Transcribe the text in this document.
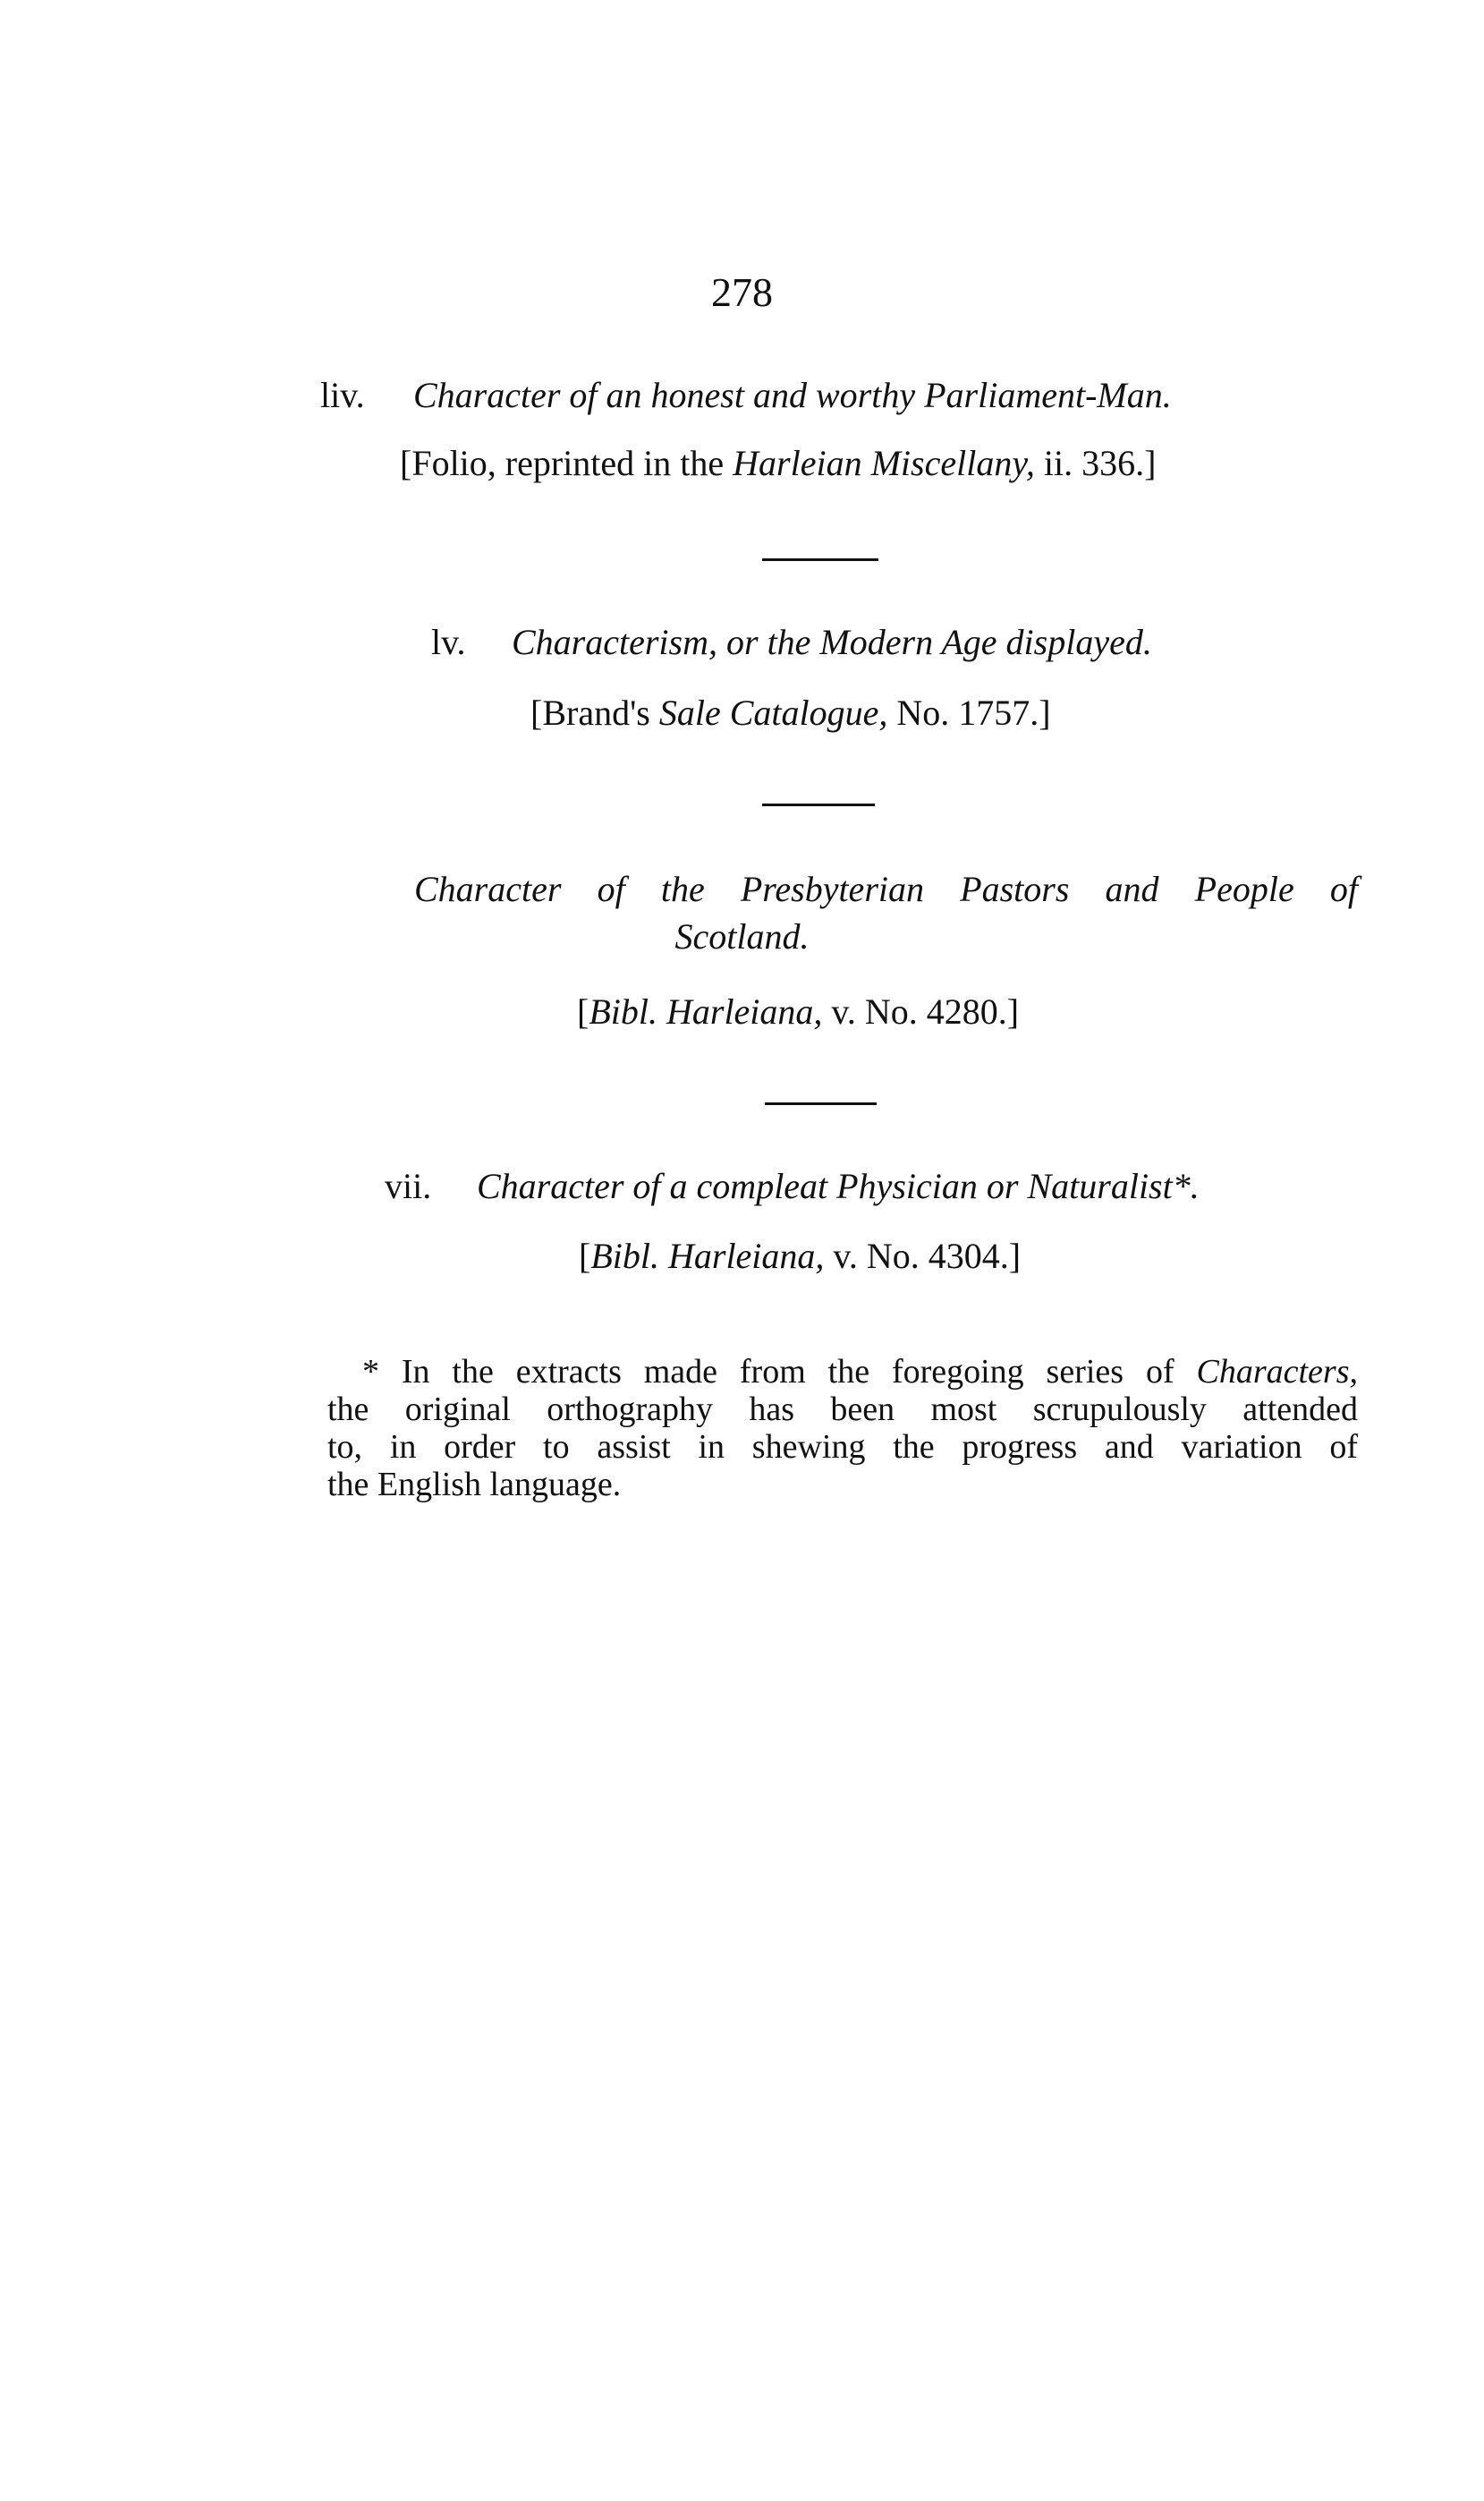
278
liv. Character of an honest and worthy Parliament-Man.
[Folio, reprinted in the Harleian Miscellany, ii. 336.]
lv. Characterism, or the Modern Age displayed.
[Brand's Sale Catalogue, No. 1757.]
Character of the Presbyterian Pastors and People of
Scotland.
[Bibl. Harleiana, v. No. 4280.]
vii. Character of a compleat Physician or Naturalist*.
[Bibl. Harleiana, v. No. 4304.]
* In the extracts made from the foregoing series of Characters,
the original orthography has been most scrupulously attended
to, in order to assist in shewing the progress and variation of
the English language.
